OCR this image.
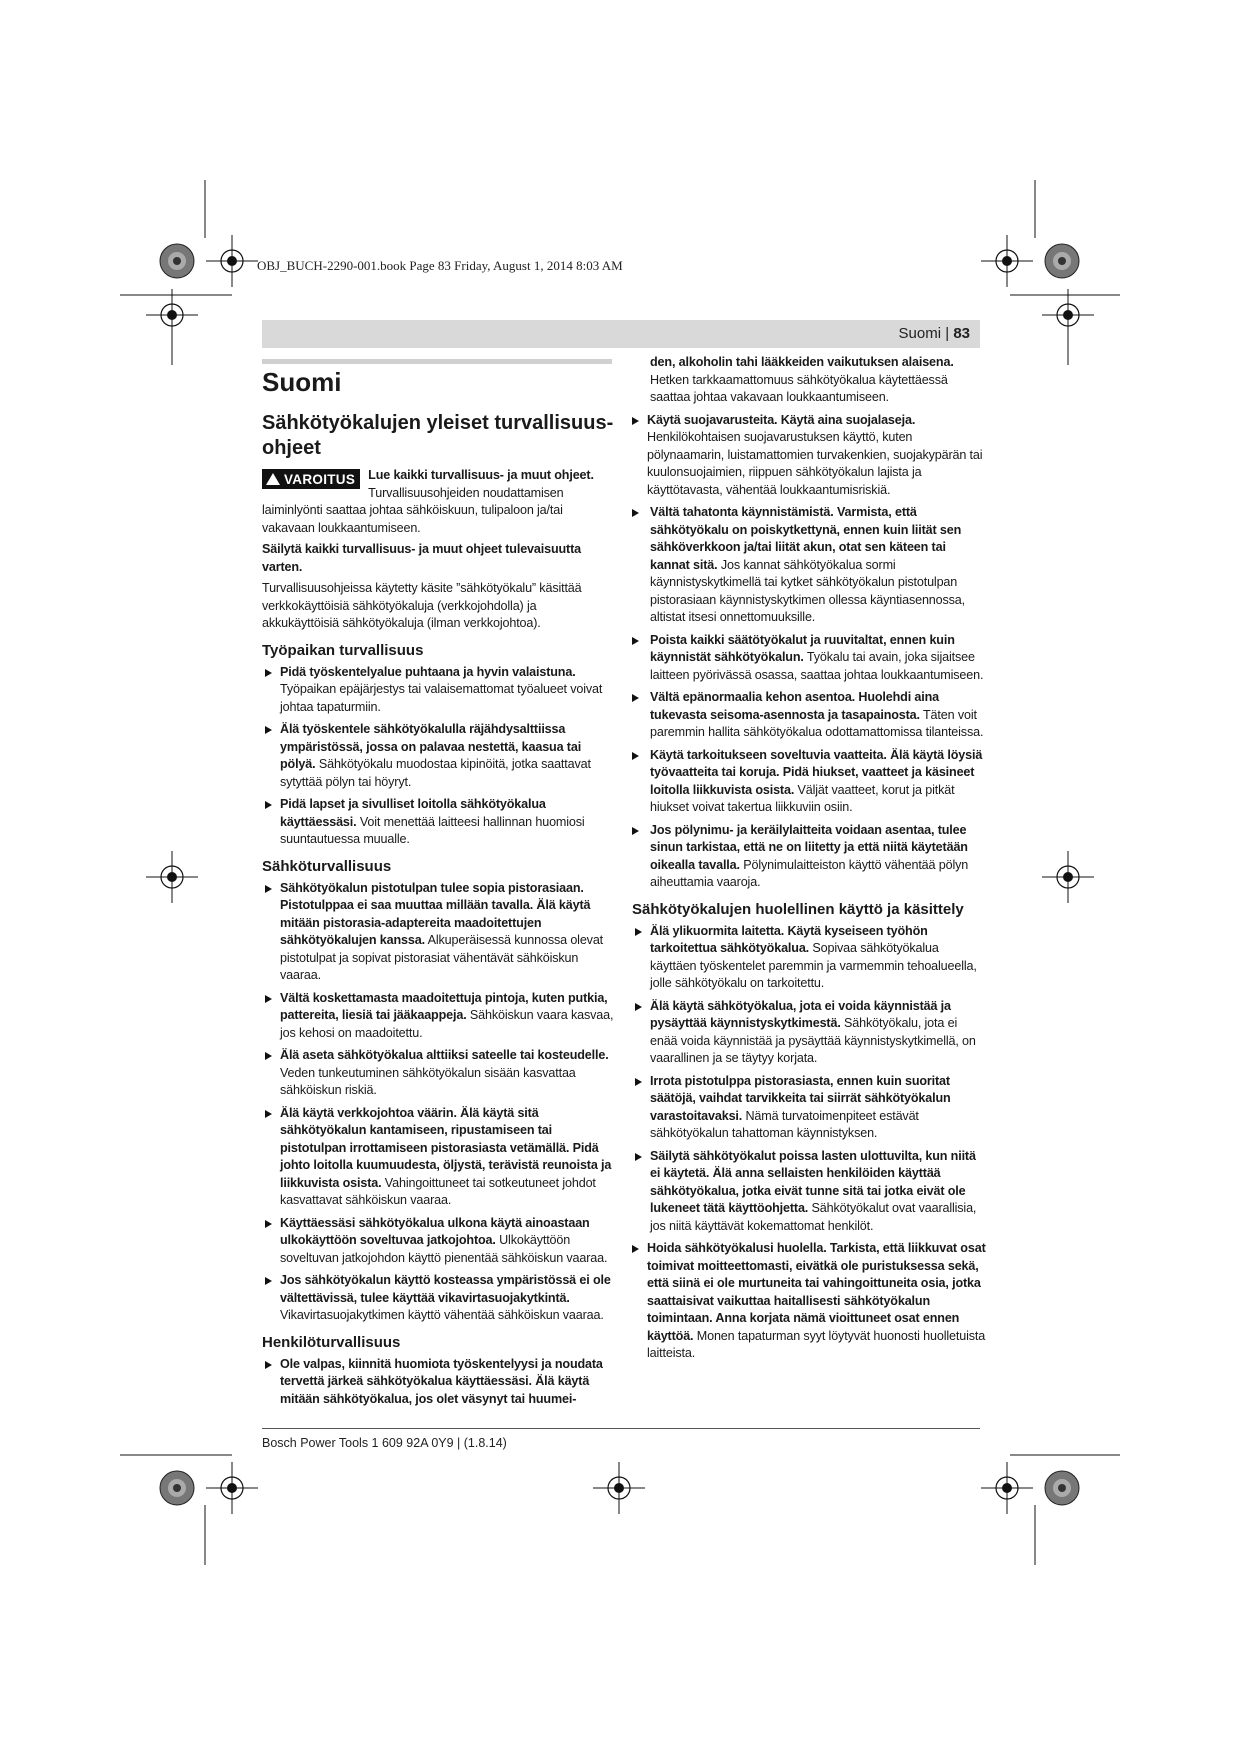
OBJ_BUCH-2290-001.book Page 83 Friday, August 1, 2014 8:03 AM
Suomi | 83
Suomi
Sähkötyökalujen yleiset turvallisuus-ohjeet
VAROITUS	Lue kaikki turvallisuus- ja muut ohjeet. Turvallisuusohjeiden noudattamisen laiminlyönti saattaa johtaa sähköiskuun, tulipaloon ja/tai vakavaan loukkaantumiseen.

Säilytä kaikki turvallisuus- ja muut ohjeet tulevaisuutta varten.

Turvallisuusohjeissa käytetty käsite ”sähkötyökalu” käsittää verkkokäyttöisiä sähkötyökaluja (verkkojohdolla) ja akkukäyttöisiä sähkötyökaluja (ilman verkkojohtoa).

Työpaikan turvallisuus
Pidä työskentelyalue puhtaana ja hyvin valaistuna. Työpaikan epäjärjestys tai valaisemattomat työalueet voivat johtaa tapaturmiin.
Älä työskentele sähkötyökalulla räjähdysalttiissa ympäristössä, jossa on palavaa nestettä, kaasua tai pölyä. Sähkötyökalu muodostaa kipinöitä, jotka saattavat sytyttää pölyn tai höyryt.
Pidä lapset ja sivulliset loitolla sähkötyökalua käyttäessäsi. Voit menettää laitteesi hallinnan huomiosi suuntautuessa muualle.
Sähköturvallisuus
Sähkötyökalun pistotulpan tulee sopia pistorasiaan. Pistotulppaa ei saa muuttaa millään tavalla. Älä käytä mitään pistorasia-adaptereita maadoitettujen sähkötyökalujen kanssa. Alkuperäisessä kunnossa olevat pistotulpat ja sopivat pistorasiat vähentävät sähköiskun vaaraa.
Vältä koskettamasta maadoitettuja pintoja, kuten putkia, pattereita, liesiä tai jääkaappeja. Sähköiskun vaara kasvaa, jos kehosi on maadoitettu.
Älä aseta sähkötyökalua alttiiksi sateelle tai kosteudelle. Veden tunkeutuminen sähkötyökalun sisään kasvattaa sähköiskun riskiä.
Älä käytä verkkojohtoa väärin. Älä käytä sitä sähkötyökalun kantamiseen, ripustamiseen tai pistotulpan irrottamiseen pistorasiasta vetämällä. Pidä johto loitolla kuumuudesta, öljystä, terävistä reunoista ja liikkuvista osista. Vahingoittuneet tai sotkeutuneet johdot kasvattavat sähköiskun vaaraa.
Käyttäessäsi sähkötyökalua ulkona käytä ainoastaan ulkokäyttöön soveltuvaa jatkojohtoa. Ulkokäyttöön soveltuvan jatkojohdon käyttö pienentää sähköiskun vaaraa.
Jos sähkötyökalun käyttö kosteassa ympäristössä ei ole vältettävissä, tulee käyttää vikavirtasuojakytkintä. Vikavirtasuojakytkimen käyttö vähentää sähköiskun vaaraa.
Henkilöturvallisuus
Ole valpas, kiinnitä huomiota työskentelyysi ja noudata tervettä järkeä sähkötyökalua käyttäessäsi. Älä käytä mitään sähkötyökalua, jos olet väsynyt tai huumei-

den, alkoholin tahi lääkkeiden vaikutuksen alaisena. Hetken tarkkaamattomuus sähkötyökalua käytettäessä saattaa johtaa vakavaan loukkaantumiseen.

Käytä suojavarusteita. Käytä aina suojalaseja. Henkilökohtaisen suojavarustuksen käyttö, kuten pölynaamarin, luistamattomien turvakenkien, suojakypärän tai kuulonsuojaimien, riippuen sähkötyökalun lajista ja käyttötavasta, vähentää loukkaantumisriskiä.
Vältä tahatonta käynnistämistä. Varmista, että sähkötyökalu on poiskytkettynä, ennen kuin liität sen sähköverkkoon ja/tai liität akun, otat sen käteen tai kannat sitä. Jos kannat sähkötyökalua sormi käynnistyskytkimellä tai kytket sähkötyökalun pistotulpan pistorasiaan käynnistyskytkimen ollessa käyntiasennossa, altistat itsesi onnettomuuksille.
Poista kaikki säätötyökalut ja ruuvitaltat, ennen kuin käynnistät sähkötyökalun. Työkalu tai avain, joka sijaitsee laitteen pyörivässä osassa, saattaa johtaa loukkaantumiseen.
Vältä epänormaalia kehon asentoa. Huolehdi aina tukevasta seisoma-asennosta ja tasapainosta. Täten voit paremmin hallita sähkötyökalua odottamattomissa tilanteissa.
Käytä tarkoitukseen soveltuvia vaatteita. Älä käytä löysiä työvaatteita tai koruja. Pidä hiukset, vaatteet ja käsineet loitolla liikkuvista osista. Väljät vaatteet, korut ja pitkät hiukset voivat takertua liikkuviin osiin.
Jos pölynimu- ja keräilylaitteita voidaan asentaa, tulee sinun tarkistaa, että ne on liitetty ja että niitä käytetään oikealla tavalla. Pölynimulaitteiston käyttö vähentää pölyn aiheuttamia vaaroja.
Sähkötyökalujen huolellinen käyttö ja käsittely
Älä ylikuormita laitetta. Käytä kyseiseen työhön tarkoitettua sähkötyökalua. Sopivaa sähkötyökalua käyttäen työskentelet paremmin ja varmemmin tehoalueella, jolle sähkötyökalu on tarkoitettu.
Älä käytä sähkötyökalua, jota ei voida käynnistää ja pysäyttää käynnistyskytkimestä. Sähkötyökalu, jota ei enää voida käynnistää ja pysäyttää käynnistyskytkimellä, on vaarallinen ja se täytyy korjata.
Irrota pistotulppa pistorasiasta, ennen kuin suoritat säätöjä, vaihdat tarvikkeita tai siirrät sähkötyökalun varastoitavaksi. Nämä turvatoimenpiteet estävät sähkötyökalun tahattoman käynnistyksen.
Säilytä sähkötyökalut poissa lasten ulottuvilta, kun niitä ei käytetä. Älä anna sellaisten henkilöiden käyttää sähkötyökalua, jotka eivät tunne sitä tai jotka eivät ole lukeneet tätä käyttöohjetta. Sähkötyökalut ovat vaarallisia, jos niitä käyttävät kokemattomat henkilöt.
Hoida sähkötyökalusi huolella. Tarkista, että liikkuvat osat toimivat moitteettomasti, eivätkä ole puristuksessa sekä, että siinä ei ole murtuneita tai vahingoittuneita osia, jotka saattaisivat vaikuttaa haitallisesti sähkötyökalun toimintaan. Anna korjata nämä vioittuneet osat ennen käyttöä. Monen tapaturman syyt löytyvät huonosti huolletuista laitteista.
Bosch Power Tools 1 609 92A 0Y9 | (1.8.14)
